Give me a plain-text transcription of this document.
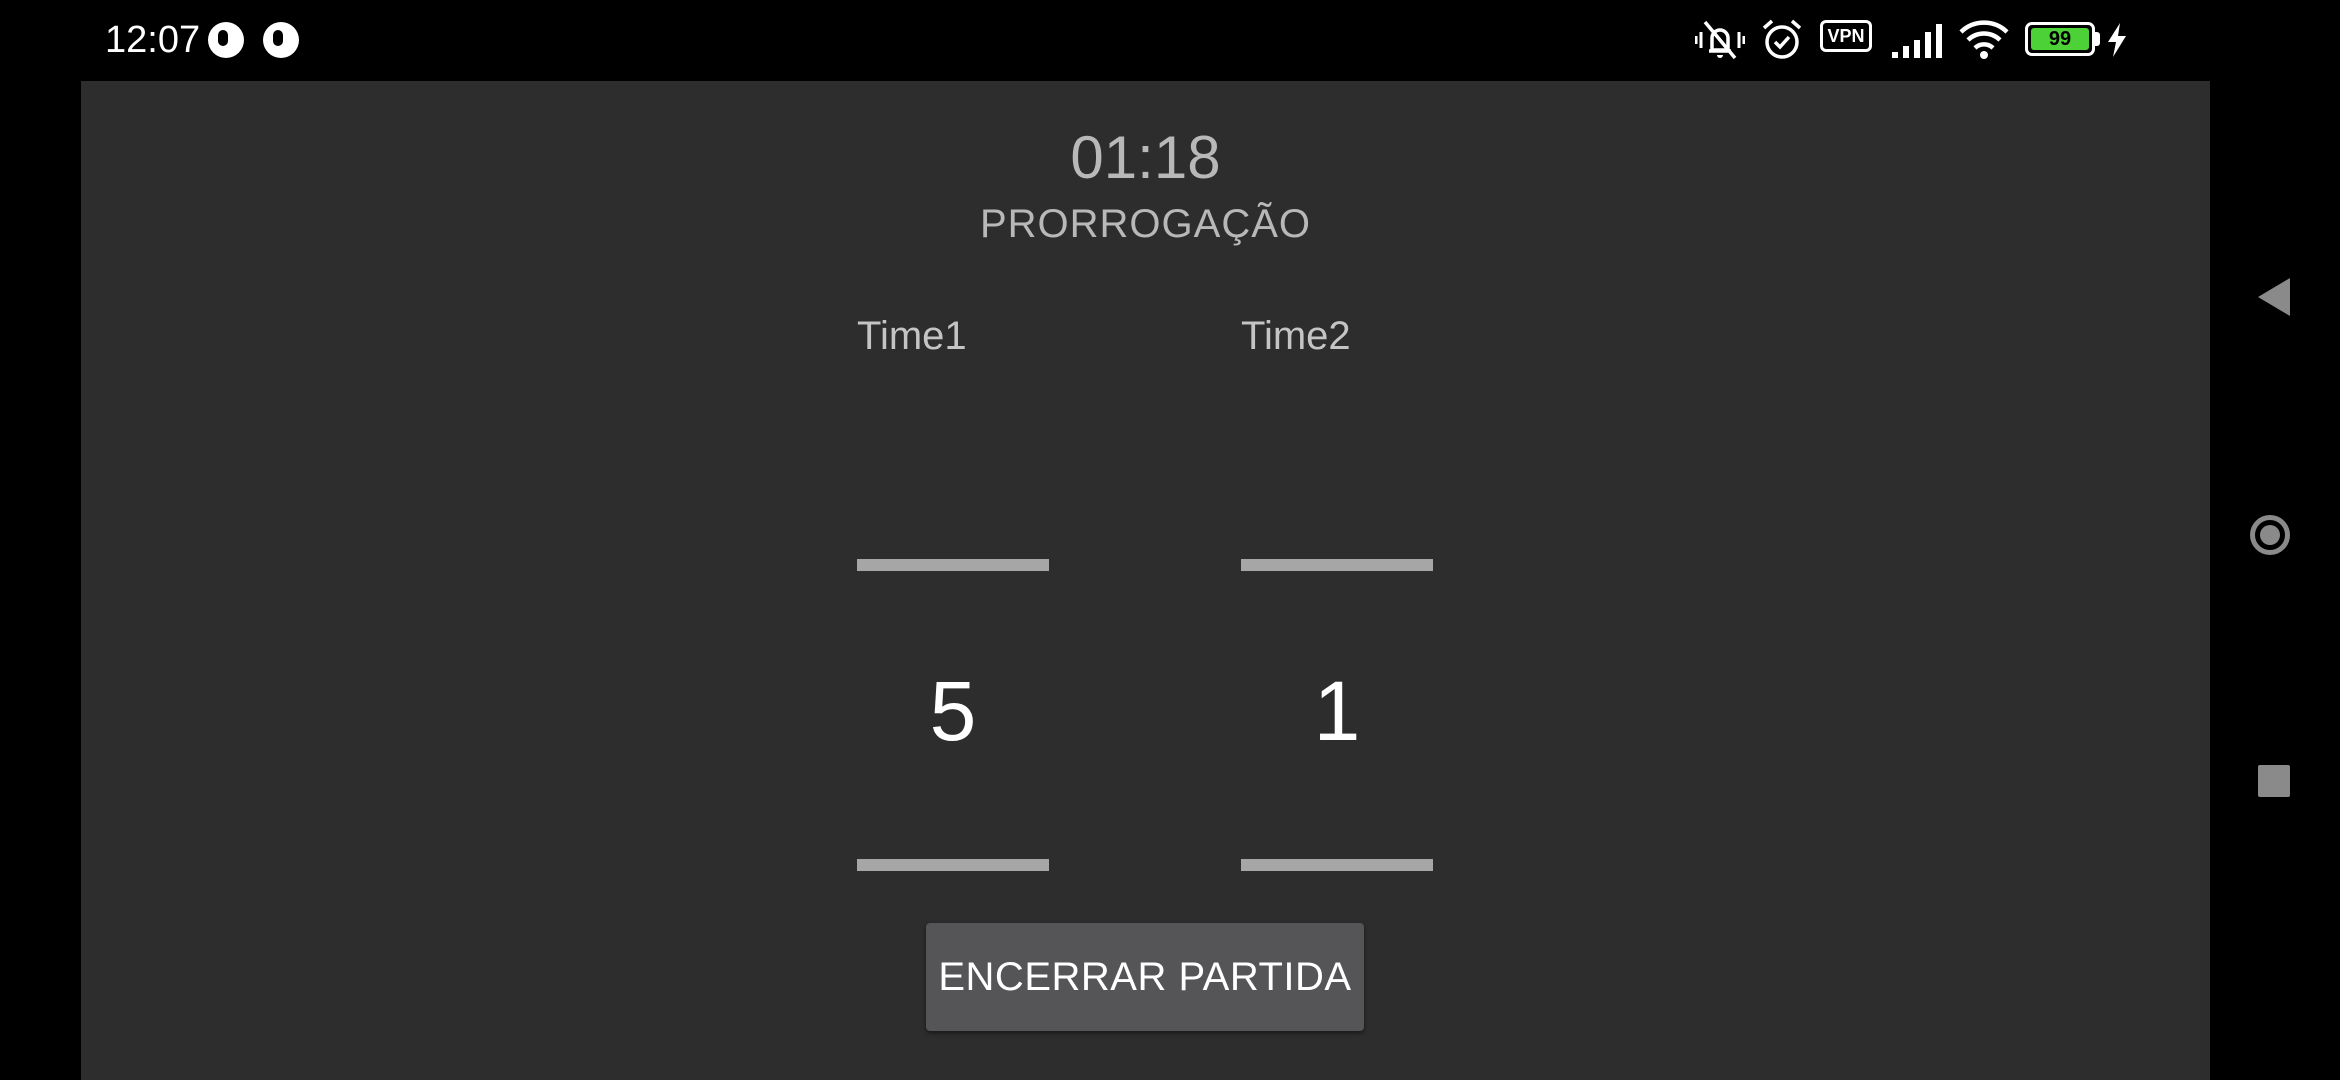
12:07	VPN	99
01:18
PRORROGAÇÃO
Time1
5
Time2
1
ENCERRAR PARTIDA
